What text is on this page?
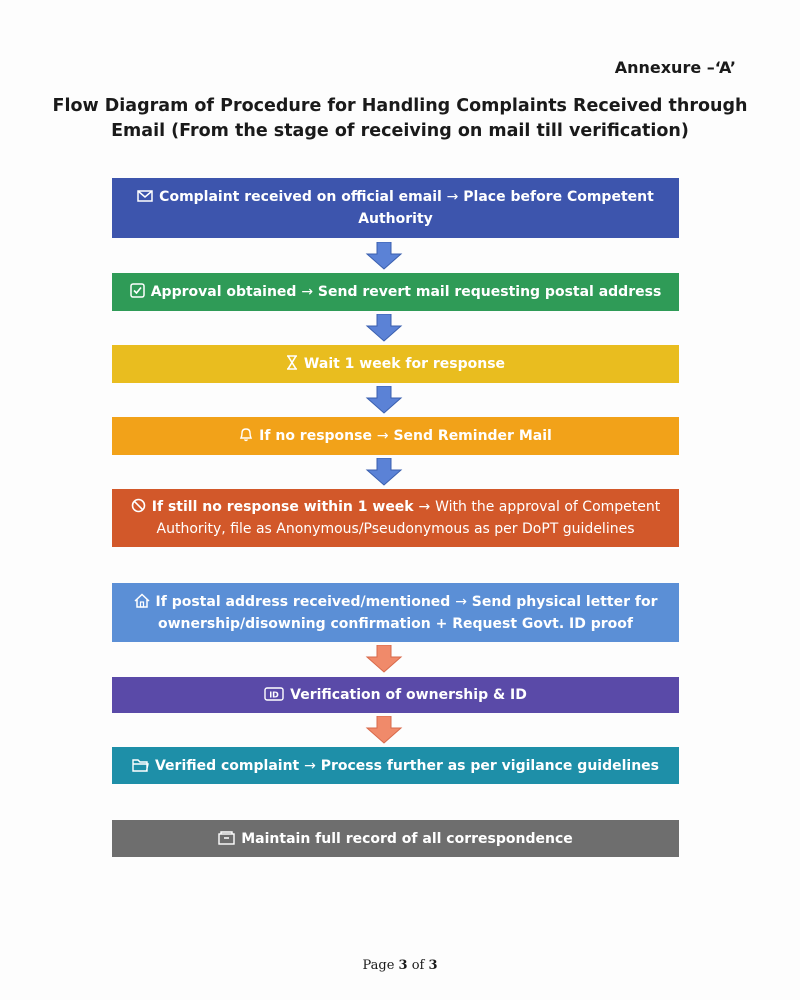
Annexure –‘A’
Flow Diagram of Procedure for Handling Complaints Received through
Email (From the stage of receiving on mail till verification)
Complaint received on official email → Place before Competent
Authority
Approval obtained → Send revert mail requesting postal address
Wait 1 week for response
If no response → Send Reminder Mail
If still no response within 1 week → With the approval of Competent
Authority, file as Anonymous/Pseudonymous as per DoPT guidelines
If postal address received/mentioned → Send physical letter for
ownership/disowning confirmation + Request Govt. ID proof
ID Verification of ownership & ID
Verified complaint → Process further as per vigilance guidelines
Maintain full record of all correspondence
Page 3 of 3
